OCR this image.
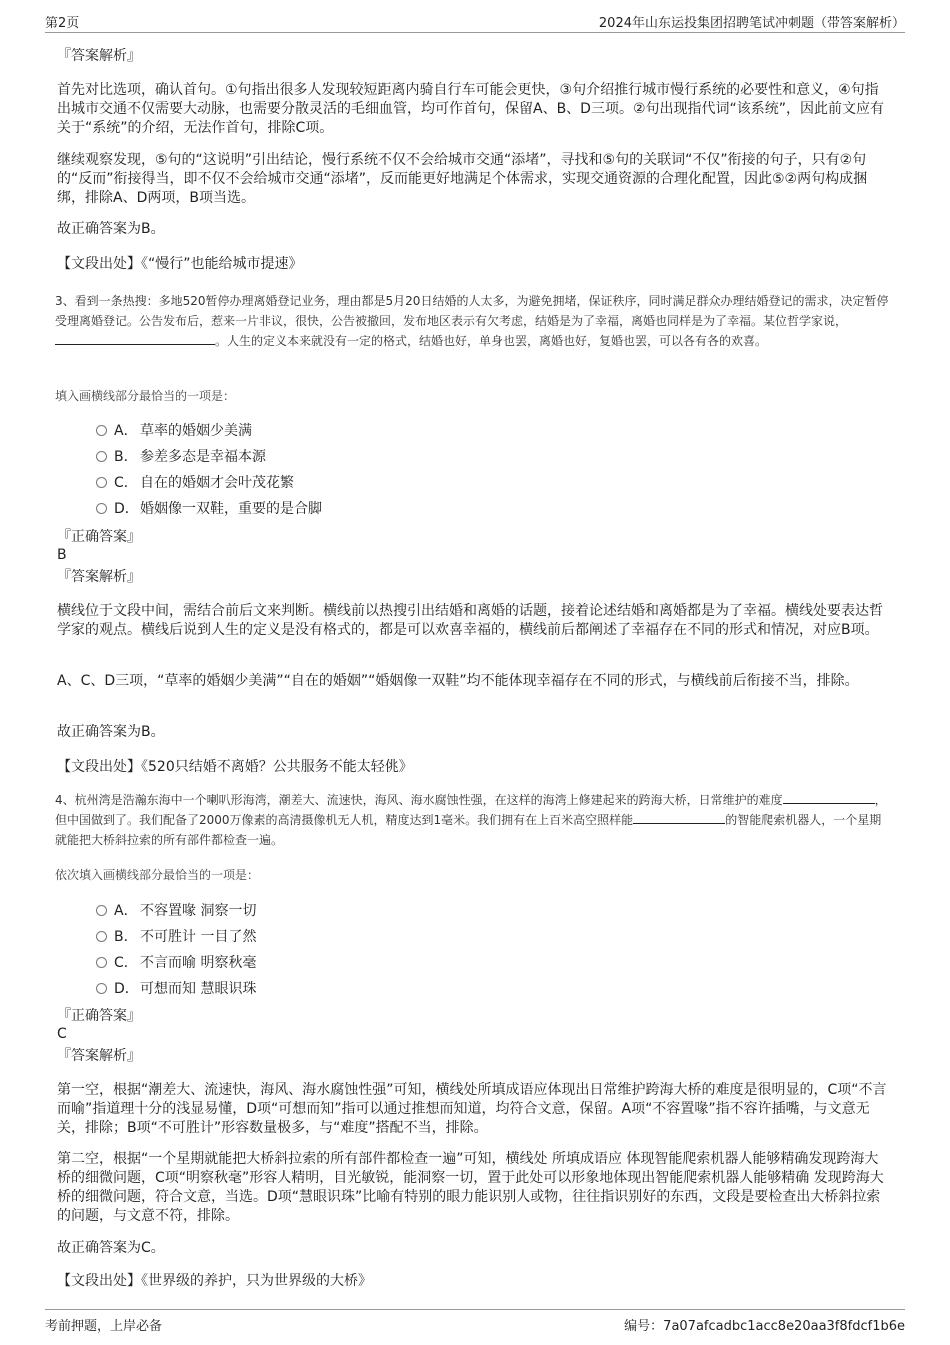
第2页	2024年山东运投集团招聘笔试冲刺题（带答案解析）
『答案解析』
首先对比选项，确认首句。①句指出很多人发现较短距离内骑自行车可能会更快，③句介绍推行城市慢行系统的必要性和意义，④句指出城市交通不仅需要大动脉，也需要分散灵活的毛细血管，均可作首句，保留A、B、D三项。②句出现指代词“该系统”，因此前文应有关于“系统”的介绍，无法作首句，排除C项。
继续观察发现，⑤句的“这说明”引出结论，慢行系统不仅不会给城市交通“添堵”，寻找和⑤句的关联词“不仅”衔接的句子，只有②句的“反而”衔接得当，即不仅不会给城市交通“添堵”，反而能更好地满足个体需求，实现交通资源的合理化配置，因此⑤②两句构成捆绑，排除A、D两项，B项当选。
故正确答案为B。
【文段出处】《“慢行”也能给城市提速》
3、看到一条热搜：多地520暂停办理离婚登记业务，理由都是5月20日结婚的人太多，为避免拥堵，保证秩序，同时满足群众办理结婚登记的需求，决定暂停受理离婚登记。公告发布后，惹来一片非议，很快，公告被撤回，发布地区表示有欠考虑，结婚是为了幸福，离婚也同样是为了幸福。某位哲学家说，。人生的定义本来就没有一定的格式，结婚也好，单身也罢，离婚也好，复婚也罢，可以各有各的欢喜。
填入画横线部分最恰当的一项是：
A． 草率的婚姻少美满
B． 参差多态是幸福本源
C． 自在的婚姻才会叶茂花繁
D．婚姻像一双鞋，重要的是合脚
『正确答案』
B
『答案解析』
横线位于文段中间，需结合前后文来判断。横线前以热搜引出结婚和离婚的话题，接着论述结婚和离婚都是为了幸福。横线处要表达哲学家的观点。横线后说到人生的定义是没有格式的，都是可以欢喜幸福的，横线前后都阐述了幸福存在不同的形式和情况，对应B项。
A、C、D三项，“草率的婚姻少美满”“自在的婚姻”“婚姻像一双鞋”均不能体现幸福存在不同的形式，与横线前后衔接不当，排除。
故正确答案为B。
【文段出处】《520只结婚不离婚？公共服务不能太轻佻》
4、杭州湾是浩瀚东海中一个喇叭形海湾，潮差大、流速快，海风、海水腐蚀性强，在这样的海湾上修建起来的跨海大桥，日常维护的难度	，但中国做到了。我们配备了2000万像素的高清摄像机无人机，精度达到1毫米。我们拥有在上百米高空照样能	的智能爬索机器人，一个星期就能把大桥斜拉索的所有部件都检查一遍。
依次填入画横线部分最恰当的一项是：
A． 不容置喙 洞察一切
B． 不可胜计 一目了然
C． 不言而喻 明察秋毫
D．可想而知 慧眼识珠
『正确答案』
C
『答案解析』
第一空，根据“潮差大、流速快，海风、海水腐蚀性强”可知，横线处所填成语应体现出日常维护跨海大桥的难度是很明显的，C项“不言而喻”指道理十分的浅显易懂，D项“可想而知”指可以通过推想而知道，均符合文意，保留。A项“不容置喙”指不容许插嘴，与文意无关，排除；B项“不可胜计”形容数量极多，与“难度”搭配不当，排除。
第二空，根据“一个星期就能把大桥斜拉索的所有部件都检查一遍”可知，横线处 所填成语应 体现智能爬索机器人能够精确发现跨海大桥的细微问题，C项“明察秋毫”形容人精明，目光敏锐，能洞察一切，置于此处可以形象地体现出智能爬索机器人能够精确 发现跨海大桥的细微问题，符合文意，当选。D项“慧眼识珠”比喻有特别的眼力能识别人或物，往往指识别好的东西，文段是要检查出大桥斜拉索的问题，与文意不符，排除。
故正确答案为C。
【文段出处】《世界级的养护，只为世界级的大桥》
考前押题，上岸必备	编号：7a07afcadbc1acc8e20aa3f8fdcf1b6e
